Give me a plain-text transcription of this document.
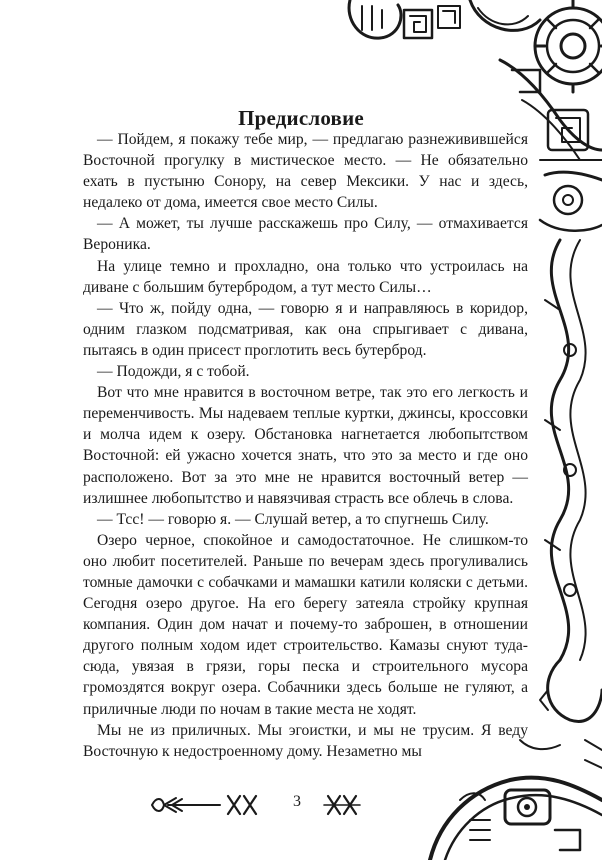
Предисловие

— Пойдем, я покажу тебе мир, — предлагаю разнеживившейся Восточной прогулку в мистическое место. — Не обязательно ехать в пустыню Сонору, на север Мексики. У нас и здесь, недалеко от дома, имеется свое место Силы.

— А может, ты лучше расскажешь про Силу, — отмахивается Вероника.

На улице темно и прохладно, она только что устроилась на диване с большим бутербродом, а тут место Силы…

— Что ж, пойду одна, — говорю я и направляюсь в коридор, одним глазком подсматривая, как она спрыгивает с дивана, пытаясь в один присест проглотить весь бутерброд.

— Подожди, я с тобой.

Вот что мне нравится в восточном ветре, так это его легкость и переменчивость. Мы надеваем теплые куртки, джинсы, кроссовки и молча идем к озеру. Обстановка нагнетается любопытством Восточной: ей ужасно хочется знать, что это за место и где оно расположено. Вот за это мне не нравится восточный ветер — излишнее любопытство и навязчивая страсть все облечь в слова.

— Тсс! — говорю я. — Слушай ветер, а то спугнешь Силу.

Озеро черное, спокойное и самодостаточное. Не слишком-то оно любит посетителей. Раньше по вечерам здесь прогуливались томные дамочки с собачками и мамашки катили коляски с детьми. Сегодня озеро другое. На его берегу затеяла стройку крупная компания. Один дом начат и почему-то заброшен, в отношении другого полным ходом идет строительство. Камазы снуют туда-сюда, увязая в грязи, горы песка и строительного мусора громоздятся вокруг озера. Собачники здесь больше не гуляют, а приличные люди по ночам в такие места не ходят.

Мы не из приличных. Мы эгоистки, и мы не трусим. Я веду Восточную к недостроенному дому. Незаметно мы

3
